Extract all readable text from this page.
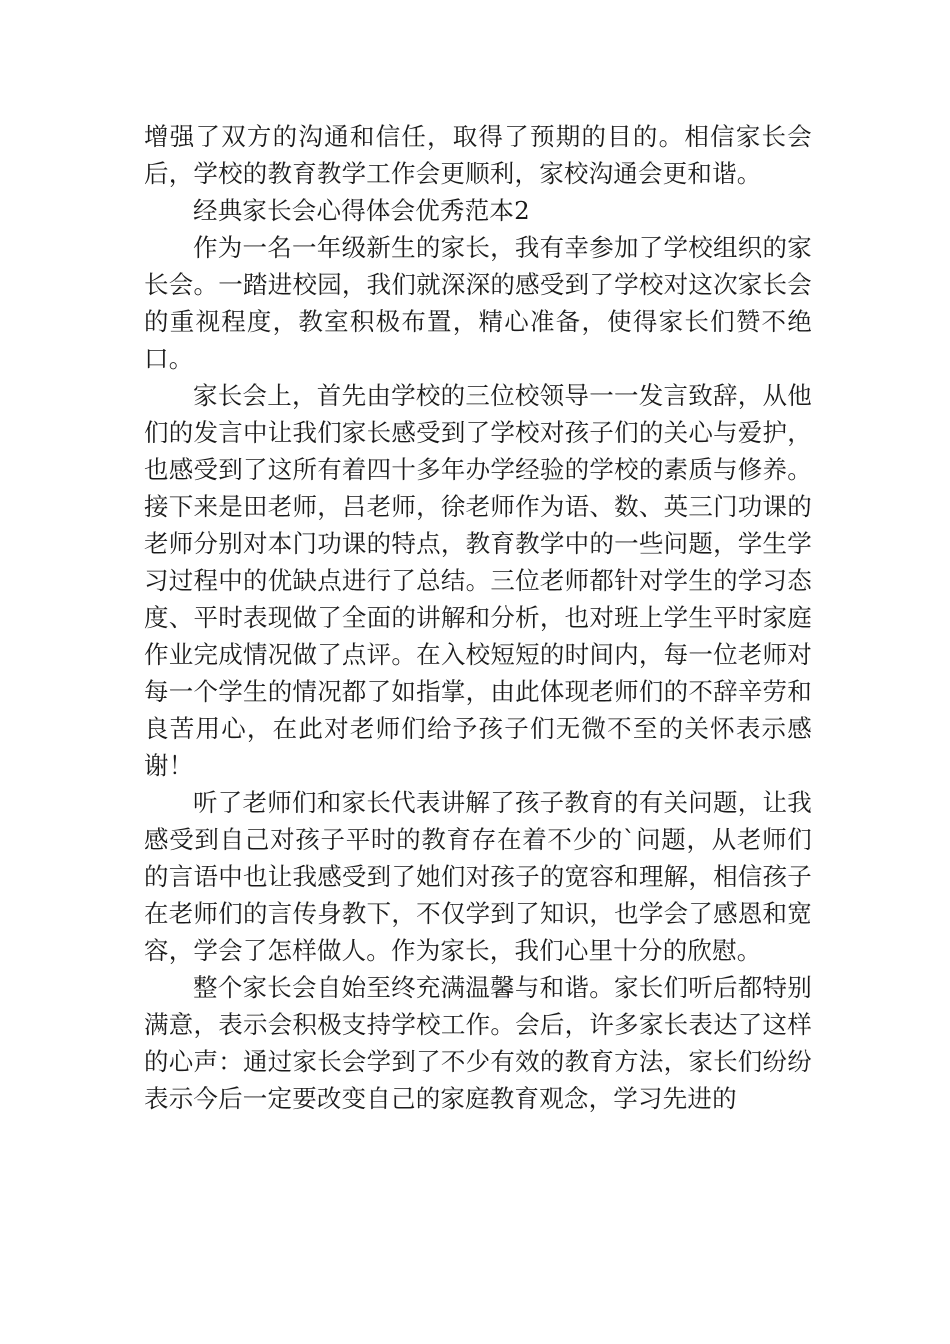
增强了双方的沟通和信任，取得了预期的目的。相信家长会后，学校的教育教学工作会更顺利，家校沟通会更和谐。

经典家长会心得体会优秀范本2

作为一名一年级新生的家长，我有幸参加了学校组织的家长会。一踏进校园，我们就深深的感受到了学校对这次家长会的重视程度，教室积极布置，精心准备，使得家长们赞不绝口。

家长会上，首先由学校的三位校领导一一发言致辞，从他们的发言中让我们家长感受到了学校对孩子们的关心与爱护，也感受到了这所有着四十多年办学经验的学校的素质与修养。接下来是田老师，吕老师，徐老师作为语、数、英三门功课的老师分别对本门功课的特点，教育教学中的一些问题，学生学习过程中的优缺点进行了总结。三位老师都针对学生的学习态度、平时表现做了全面的讲解和分析，也对班上学生平时家庭作业完成情况做了点评。在入校短短的时间内，每一位老师对每一个学生的情况都了如指掌，由此体现老师们的不辞辛劳和良苦用心，在此对老师们给予孩子们无微不至的关怀表示感谢！

听了老师们和家长代表讲解了孩子教育的有关问题，让我感受到自己对孩子平时的教育存在着不少的`问题，从老师们的言语中也让我感受到了她们对孩子的宽容和理解，相信孩子在老师们的言传身教下，不仅学到了知识，也学会了感恩和宽容，学会了怎样做人。作为家长，我们心里十分的欣慰。

整个家长会自始至终充满温馨与和谐。家长们听后都特别满意，表示会积极支持学校工作。会后，许多家长表达了这样的心声：通过家长会学到了不少有效的教育方法，家长们纷纷表示今后一定要改变自己的家庭教育观念，学习先进的
